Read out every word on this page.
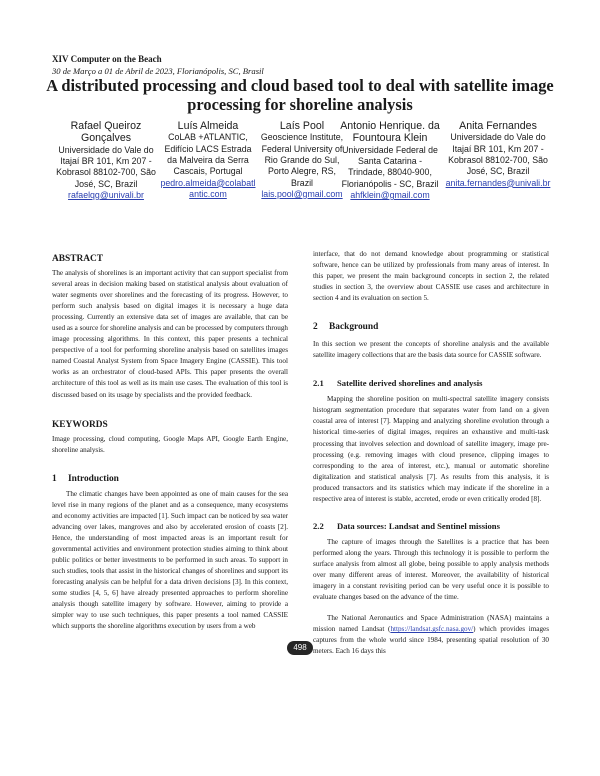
XIV Computer on the Beach
30 de Março a 01 de Abril de 2023, Florianópolis, SC, Brasil
A distributed processing and cloud based tool to deal with satellite image processing for shoreline analysis
Rafael Queiroz Gonçalves
Universidade do Vale do Itajaí BR 101, Km 207 - Kobrasol 88102-700, São José, SC, Brazil
rafaelqg@univali.br
Luís Almeida
CoLAB +ATLANTIC, Edifício LACS Estrada da Malveira da Serra Cascais, Portugal
pedro.almeida@colabatlantic.com
Laís Pool
Geoscience Institute, Federal University of Rio Grande do Sul, Porto Alegre, RS, Brazil
lais.pool@gmail.com
Antonio Henrique. da Fountoura Klein
Universidade Federal de Santa Catarina - Trindade, 88040-900, Florianópolis - SC, Brazil
ahfklein@gmail.com
Anita Fernandes
Universidade do Vale do Itajaí BR 101, Km 207 - Kobrasol 88102-700, São José, SC, Brazil
anita.fernandes@univali.br
ABSTRACT

The analysis of shorelines is an important activity that can support specialist from several areas in decision making based on statistical analysis about evaluation of water segments over shorelines and the forecasting of its progress. However, to perform such analysis based on digital images it is necessary a huge data processing. Currently an extensive data set of images are available, that can be used as a source for shoreline analysis and can be processed by computers through image processing algorithms. In this context, this paper presents a technical perspective of a tool for performing shoreline analysis based on satellites images named Coastal Analyst System from Space Imagery Engine (CASSIE). This tool works as an orchestrator of cloud-based APIs. This paper presents the overall architecture of this tool as well as its main use cases. The evaluation of this tool is discussed based on its usage by specialists and the provided feedback.

KEYWORDS

Image processing, cloud computing, Google Maps API, Google Earth Engine, shoreline analysis.

1 Introduction

The climatic changes have been appointed as one of main causes for the sea level rise in many regions of the planet and as a consequence, many ecosystems and economy activities are impacted [1]. Such impact can be noticed by sea water advancing over lakes, mangroves and also by accelerated erosion of coasts [2]. Hence, the understanding of most impacted areas is an important result for governmental activities and environment protection studies aiming to think about public politics or better investments to be performed in such areas. To support in such studies, tools that assist in the historical changes of shorelines and support its forecasting analysis can be helpful for a data driven decisions [3]. In this context, some studies [4, 5, 6] have already presented approaches to perform shoreline analysis though satellite imagery by software. However, aiming to provide a simpler way to use such techniques, this paper presents a tool named CASSIE which supports the shoreline algorithms execution by users from a web

interface, that do not demand knowledge about programming or statistical software, hence can be utilized by professionals from many areas of interest. In this paper, we present the main background concepts in section 2, the related studies in section 3, the overview about CASSIE use cases and architecture in section 4 and its evaluation on section 5.

2 Background

In this section we present the concepts of shoreline analysis and the available satellite imagery collections that are the basis data source for CASSIE software.

2.1 Satellite derived shorelines and analysis

Mapping the shoreline position on multi-spectral satellite imagery consists histogram segmentation procedure that separates water from land on a given coastal area of interest [7]. Mapping and analyzing shoreline evolution through a historical time-series of digital images, requires an exhaustive and multi-task processing that involves selection and download of satellite imagery, image pre-processing (e.g. removing images with cloud presence, clipping images to corresponding to the area of interest, etc.), manual or automatic shoreline digitalization and statistical analysis [7]. As results from this analysis, it is produced transactors and its statistics which may indicate if the shoreline in a respective area of interest is stable, accreted, erode or even critically eroded [8].

2.2 Data sources: Landsat and Sentinel missions

The capture of images through the Satellites is a practice that has been performed along the years. Through this technology it is possible to perform the surface analysis from almost all globe, being possible to apply analysis methods over many different areas of interest. Moreover, the availability of historical imagery in a constant revisiting period can be very useful once it is possible to evaluate changes based on the advance of the time.

The National Aeronautics and Space Administration (NASA) maintains a mission named Landsat (https://landsat.gsfc.nasa.gov/) which provides images captures from the whole world since 1984, presenting spatial resolution of 30 meters. Each 16 days this

498
